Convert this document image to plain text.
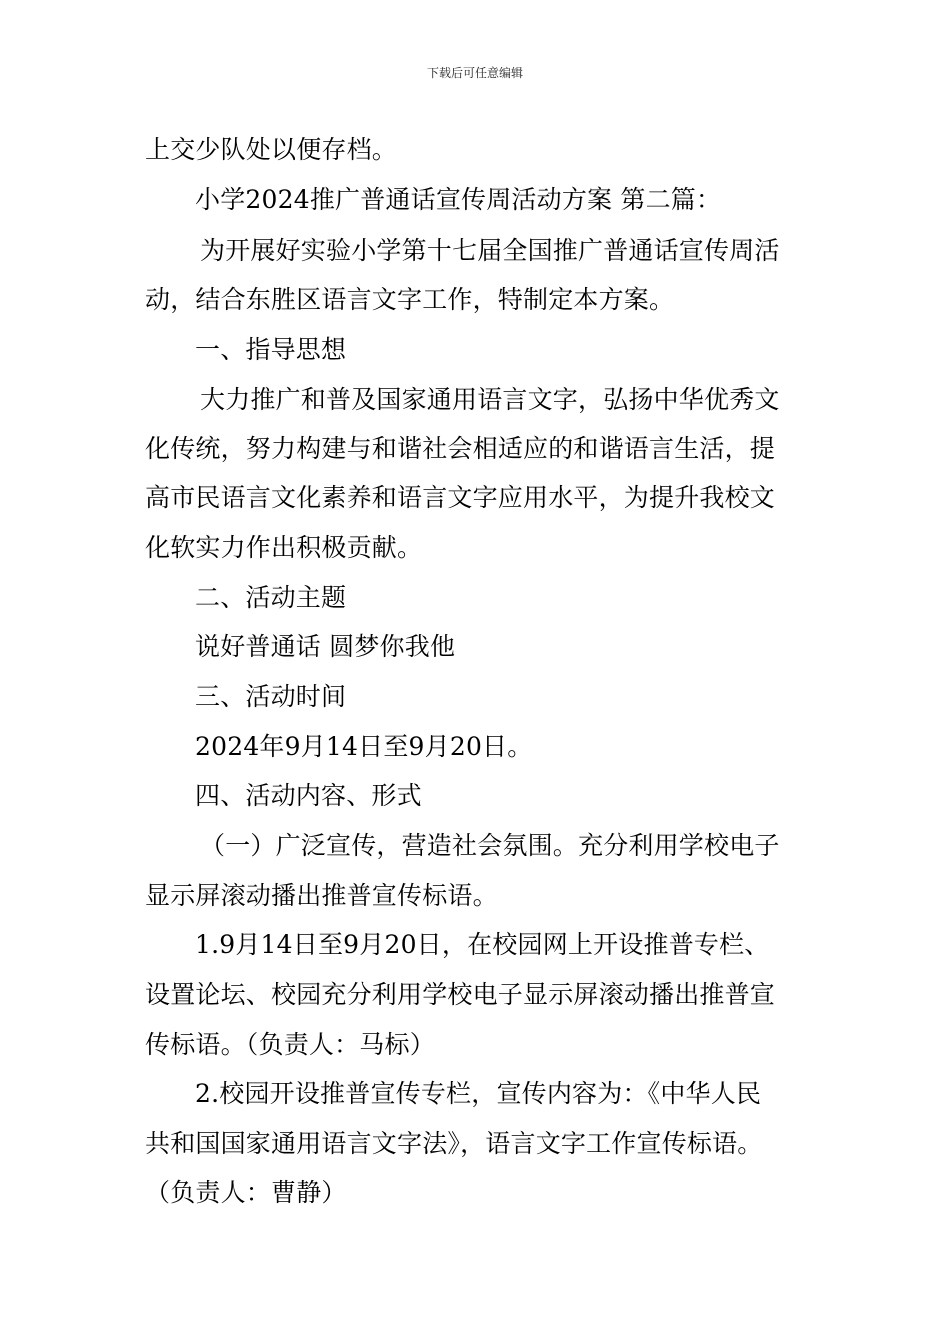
下载后可任意编辑
上交少队处以便存档。
小学2024推广普通话宣传周活动方案 第二篇：
为开展好实验小学第十七届全国推广普通话宣传周活
动，结合东胜区语言文字工作，特制定本方案。
一、指导思想
大力推广和普及国家通用语言文字，弘扬中华优秀文
化传统，努力构建与和谐社会相适应的和谐语言生活，提
高市民语言文化素养和语言文字应用水平，为提升我校文
化软实力作出积极贡献。
二、活动主题
说好普通话 圆梦你我他
三、活动时间
2024年9月14日至9月20日。
四、活动内容、形式
（一）广泛宣传，营造社会氛围。充分利用学校电子
显示屏滚动播出推普宣传标语。
1.9月14日至9月20日，在校园网上开设推普专栏、
设置论坛、校园充分利用学校电子显示屏滚动播出推普宣
传标语。（负责人：马标）
2.校园开设推普宣传专栏，宣传内容为：《中华人民
共和国国家通用语言文字法》，语言文字工作宣传标语。
（负责人：曹静）
